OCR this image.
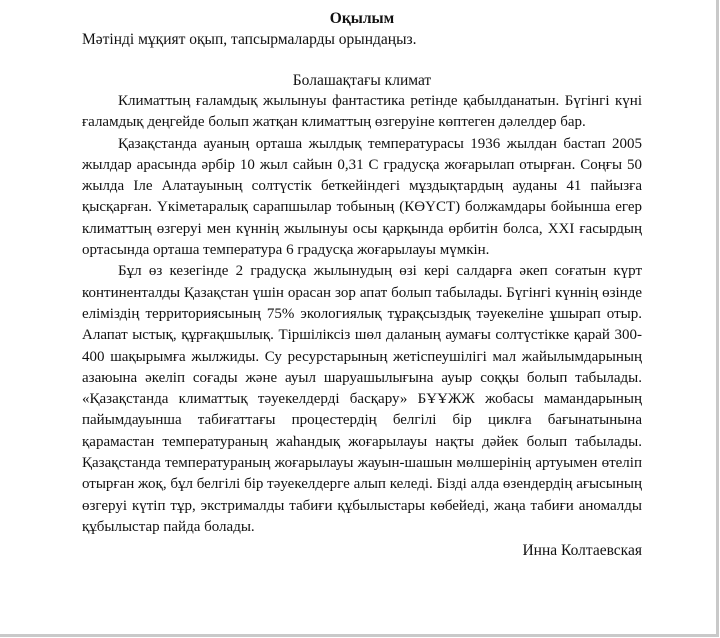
Оқылым

Мәтінді мұқият оқып, тапсырмаларды орындаңыз.

Болашақтағы климат

Климаттың ғаламдық жылынуы фантастика ретінде қабылданатын. Бүгінгі күні ғаламдық деңгейде болып жатқан климаттың өзгеруіне көптеген дәлелдер бар.

Қазақстанда ауаның орташа жылдық температурасы 1936 жылдан бастап 2005 жылдар арасында әрбір 10 жыл сайын 0,31 С градусқа жоғарылап отырған. Соңғы 50 жылда Іле Алатауының солтүстік беткейіндегі мұздықтардың ауданы 41 пайызға қысқарған. Үкіметаралық сарапшылар тобының (КӨҮСТ) болжамдары бойынша егер климаттың өзгеруі мен күннің жылынуы осы қарқында өрбитін болса, XXI ғасырдың ортасында орташа температура 6 градусқа жоғарылауы мүмкін.

Бұл өз кезегінде 2 градусқа жылынудың өзі кері салдарға әкеп соғатын күрт континенталды Қазақстан үшін орасан зор апат болып табылады. Бүгінгі күннің өзінде еліміздің территориясының 75% экологиялық тұрақсыздық тәуекеліне ұшырап отыр. Алапат ыстық, құрғақшылық. Тіршіліксіз шөл даланың аумағы солтүстікке қарай 300-400 шақырымға жылжиды. Су ресурстарының жетіспеушілігі мал жайылымдарының азаюына әкеліп соғады және ауыл шаруашылығына ауыр соққы болып табылады. «Қазақстанда климаттық тәуекелдерді басқару» БҰҰЖЖ жобасы мамандарының пайымдауынша табиғаттағы процестердің белгілі бір циклға бағынатынына қарамастан температураның жаһандық жоғарылауы нақты дәйек болып табылады. Қазақстанда температураның жоғарылауы жауын-шашын мөлшерінің артуымен өтеліп отырған жоқ, бұл белгілі бір тәуекелдерге алып келеді. Бізді алда өзендердің ағысының өзгеруі күтіп тұр, экстрималды табиғи құбылыстары көбейеді, жаңа табиғи аномалды құбылыстар пайда болады.

Инна Колтаевская
